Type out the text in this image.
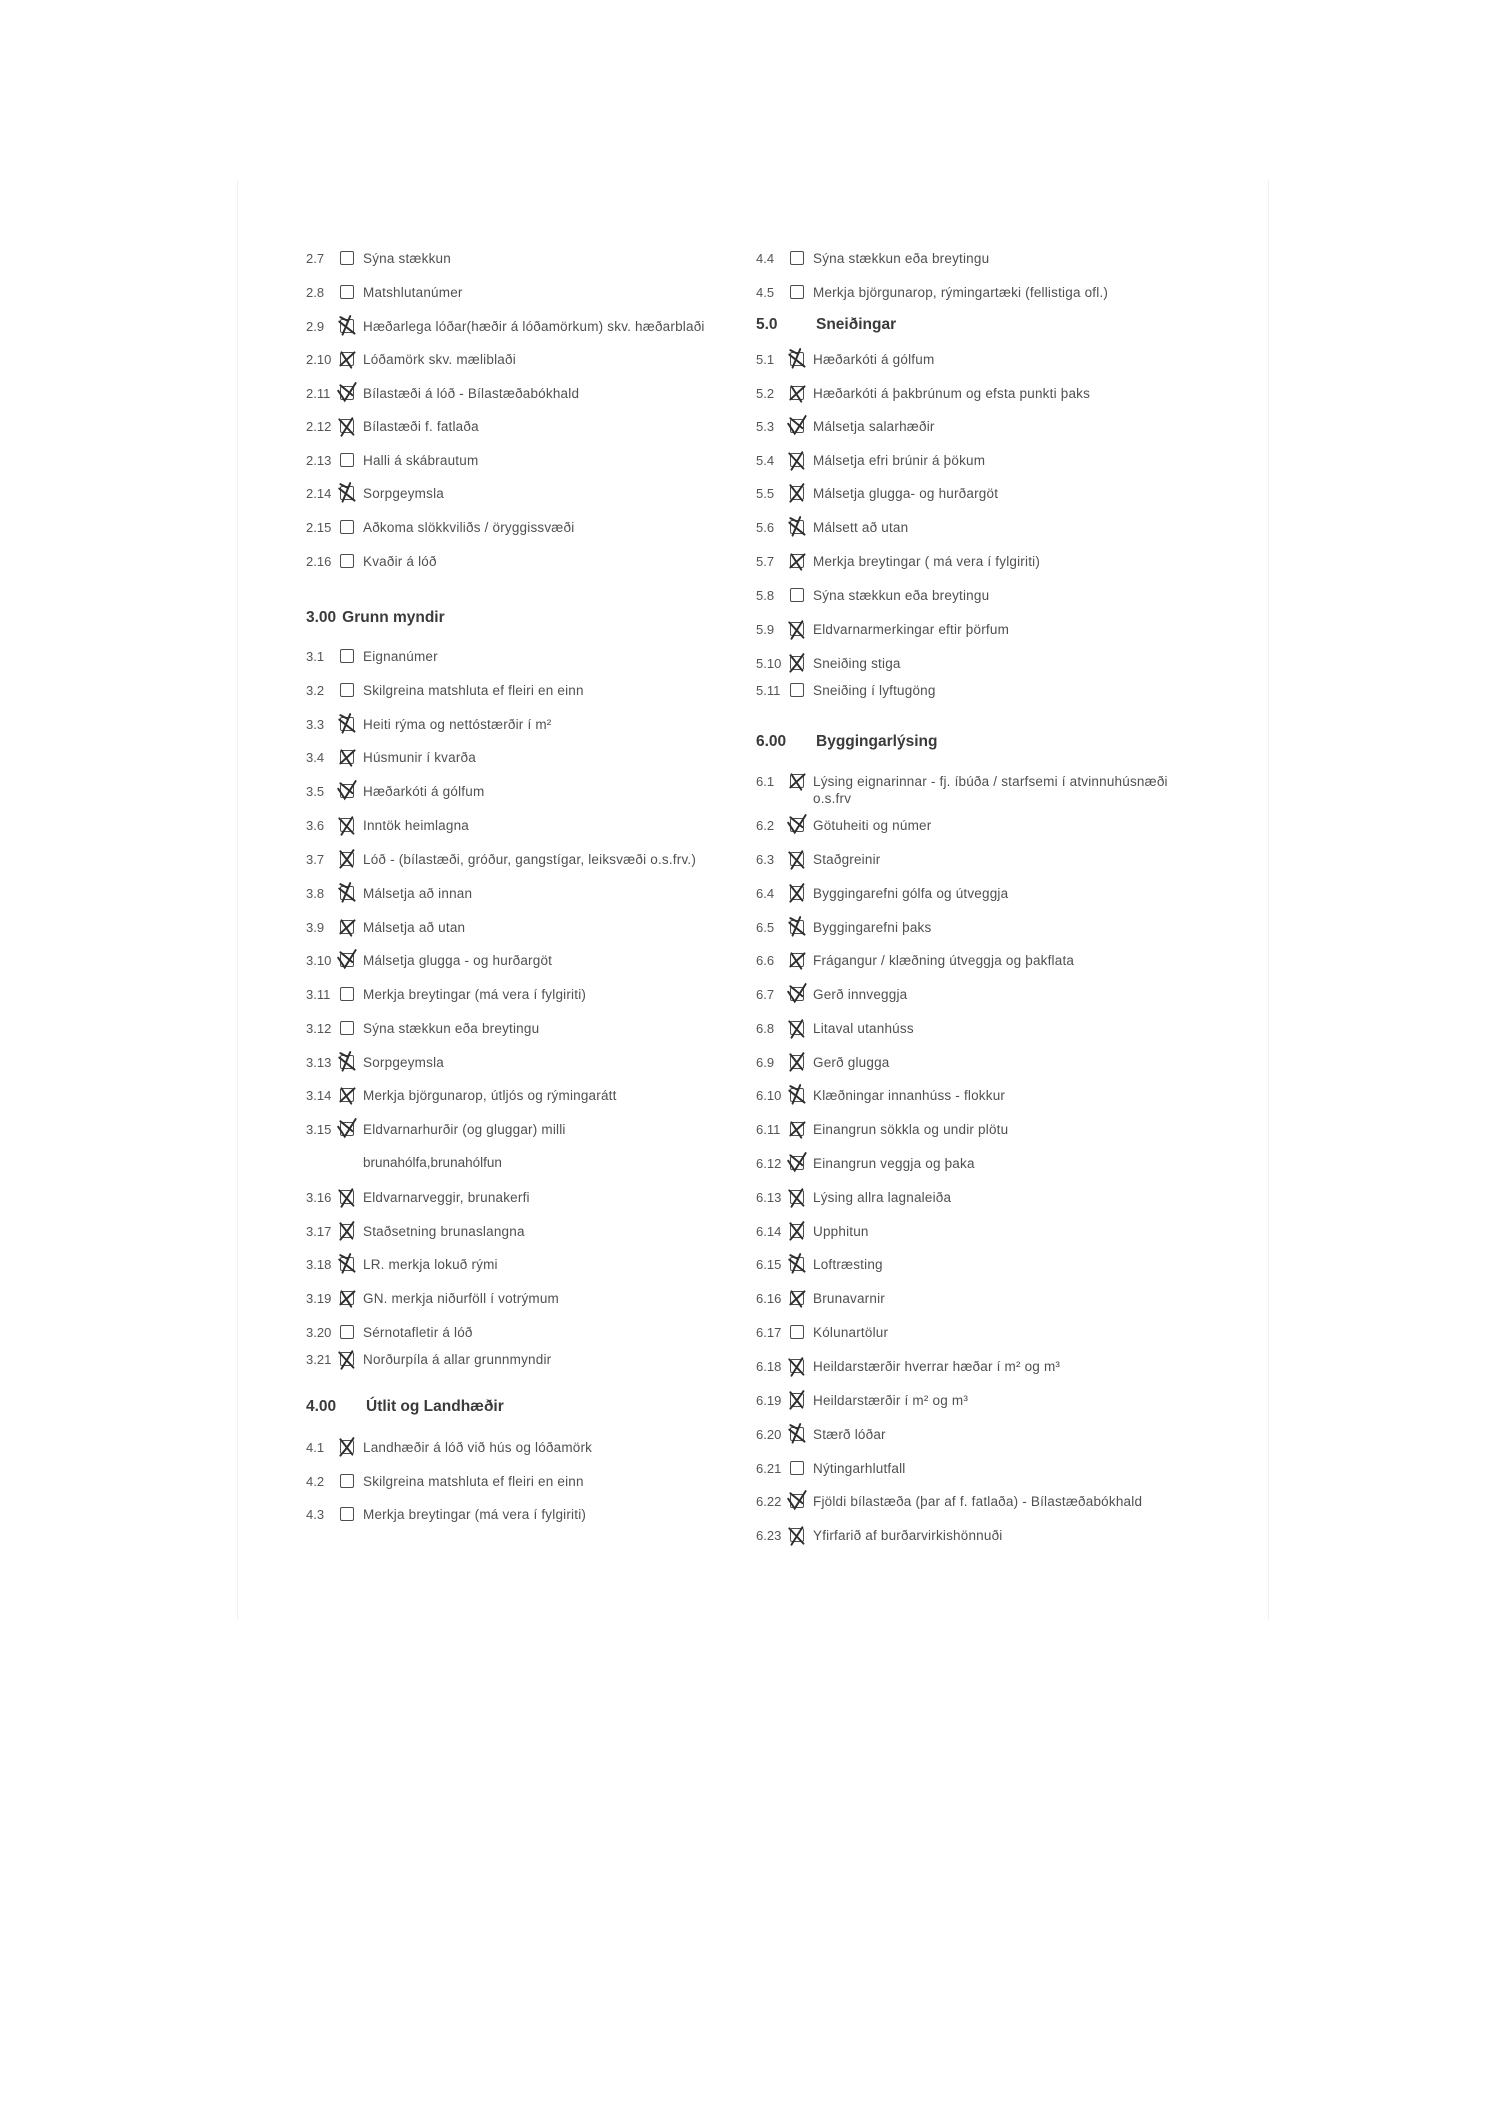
2.7	Sýna stækkun
2.8	Matshlutanúmer
2.9	Hæðarlega lóðar(hæðir á lóðamörkum) skv. hæðarblaði
2.10	Lóðamörk skv. mæliblaði
2.11	Bílastæði á lóð - Bílastæðabókhald
2.12	Bílastæði f. fatlaða
2.13	Halli á skábrautum
2.14	Sorpgeymsla
2.15	Aðkoma slökkviliðs / öryggissvæði
2.16	Kvaðir á lóð
3.1	Eignanúmer
3.2	Skilgreina matshluta ef fleiri en einn
3.3	Heiti rýma og nettóstærðir í m²
3.4	Húsmunir í kvarða
3.5	Hæðarkóti á gólfum
3.6	Inntök heimlagna
3.7	Lóð - (bílastæði, gróður, gangstígar, leiksvæði o.s.frv.)
3.8	Málsetja að innan
3.9	Málsetja að utan
3.10	Málsetja glugga - og hurðargöt
3.11	Merkja breytingar (má vera í fylgiriti)
3.12	Sýna stækkun eða breytingu
3.13	Sorpgeymsla
3.14	Merkja björgunarop, útljós og rýmingarátt
3.15	Eldvarnarhurðir (og gluggar) milli
3.16	Eldvarnarveggir, brunakerfi
3.17	Staðsetning brunaslangna
3.18	LR. merkja lokuð rými
3.19	GN. merkja niðurföll í votrýmum
3.20	Sérnotafletir á lóð
3.21	Norðurpíla á allar grunnmyndir
4.1	Landhæðir á lóð við hús og lóðamörk
4.2	Skilgreina matshluta ef fleiri en einn
4.3	Merkja breytingar (má vera í fylgiriti)
3.00 Grunn myndir
4.00	Útlit og Landhæðir
brunahólfa,brunahólfun
4.4	Sýna stækkun eða breytingu
4.5	Merkja björgunarop, rýmingartæki (fellistiga ofl.)
5.1	Hæðarkóti á gólfum
5.2	Hæðarkóti á þakbrúnum og efsta punkti þaks
5.3	Málsetja salarhæðir
5.4	Málsetja efri brúnir á þökum
5.5	Málsetja glugga- og hurðargöt
5.6	Málsett að utan
5.7	Merkja breytingar ( má vera í fylgiriti)
5.8	Sýna stækkun eða breytingu
5.9	Eldvarnarmerkingar eftir þörfum
5.10	Sneiðing stiga
5.11	Sneiðing í lyftugöng
6.1	Lýsing eignarinnar - fj. íbúða / starfsemi í atvinnuhúsnæði o.s.frv
6.2	Götuheiti og númer
6.3	Staðgreinir
6.4	Byggingarefni gólfa og útveggja
6.5	Byggingarefni þaks
6.6	Frágangur / klæðning útveggja og þakflata
6.7	Gerð innveggja
6.8	Litaval utanhúss
6.9	Gerð glugga
6.10	Klæðningar innanhúss - flokkur
6.11	Einangrun sökkla og undir plötu
6.12	Einangrun veggja og þaka
6.13	Lýsing allra lagnaleiða
6.14	Upphitun
6.15	Loftræsting
6.16	Brunavarnir
6.17	Kólunartölur
6.18	Heildarstærðir hverrar hæðar í m² og m³
6.19	Heildarstærðir í m² og m³
6.20	Stærð lóðar
6.21	Nýtingarhlutfall
6.22	Fjöldi bílastæða (þar af f. fatlaða) - Bílastæðabókhald
6.23	Yfirfarið af burðarvirkishönnuði
5.0	Sneiðingar
6.00	Byggingarlýsing
